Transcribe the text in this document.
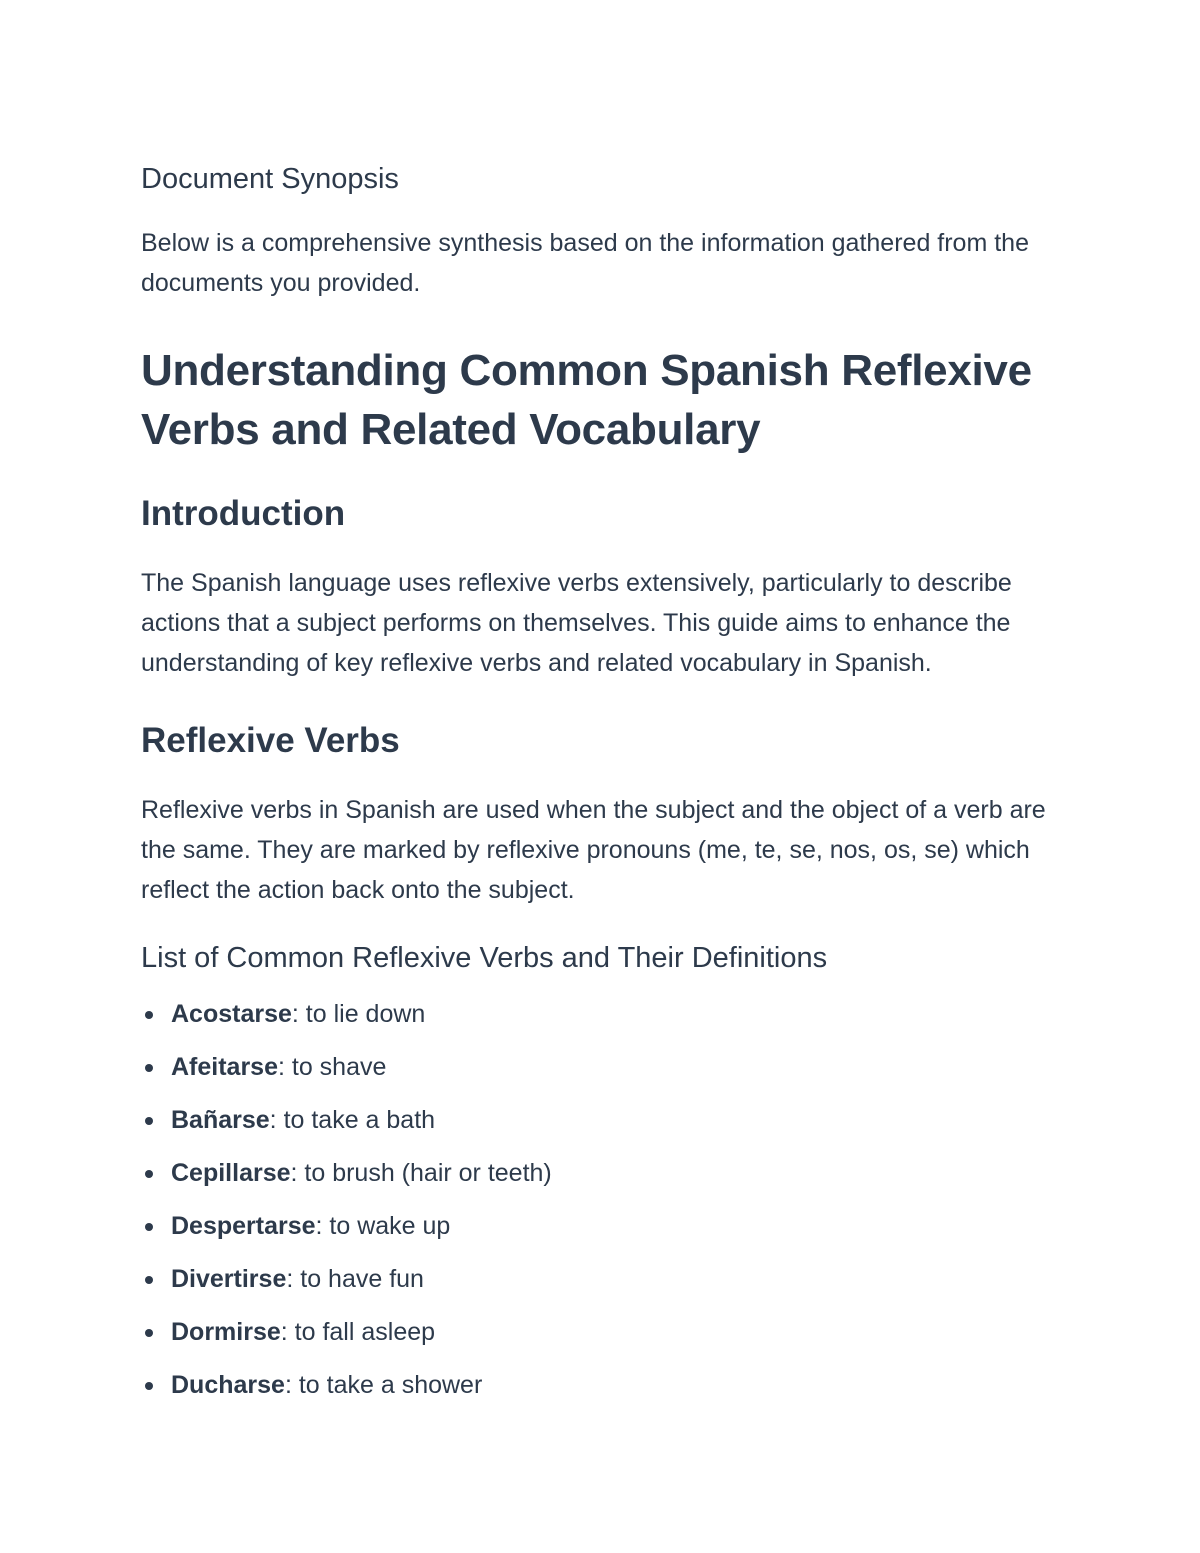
Document Synopsis

Below is a comprehensive synthesis based on the information gathered from the documents you provided.

Understanding Common Spanish Reflexive Verbs and Related Vocabulary
Introduction

The Spanish language uses reflexive verbs extensively, particularly to describe actions that a subject performs on themselves. This guide aims to enhance the understanding of key reflexive verbs and related vocabulary in Spanish.

Reflexive Verbs

Reflexive verbs in Spanish are used when the subject and the object of a verb are the same. They are marked by reflexive pronouns (me, te, se, nos, os, se) which reflect the action back onto the subject.

List of Common Reflexive Verbs and Their Definitions
Acostarse: to lie down
Afeitarse: to shave
Bañarse: to take a bath
Cepillarse: to brush (hair or teeth)
Despertarse: to wake up
Divertirse: to have fun
Dormirse: to fall asleep
Ducharse: to take a shower
